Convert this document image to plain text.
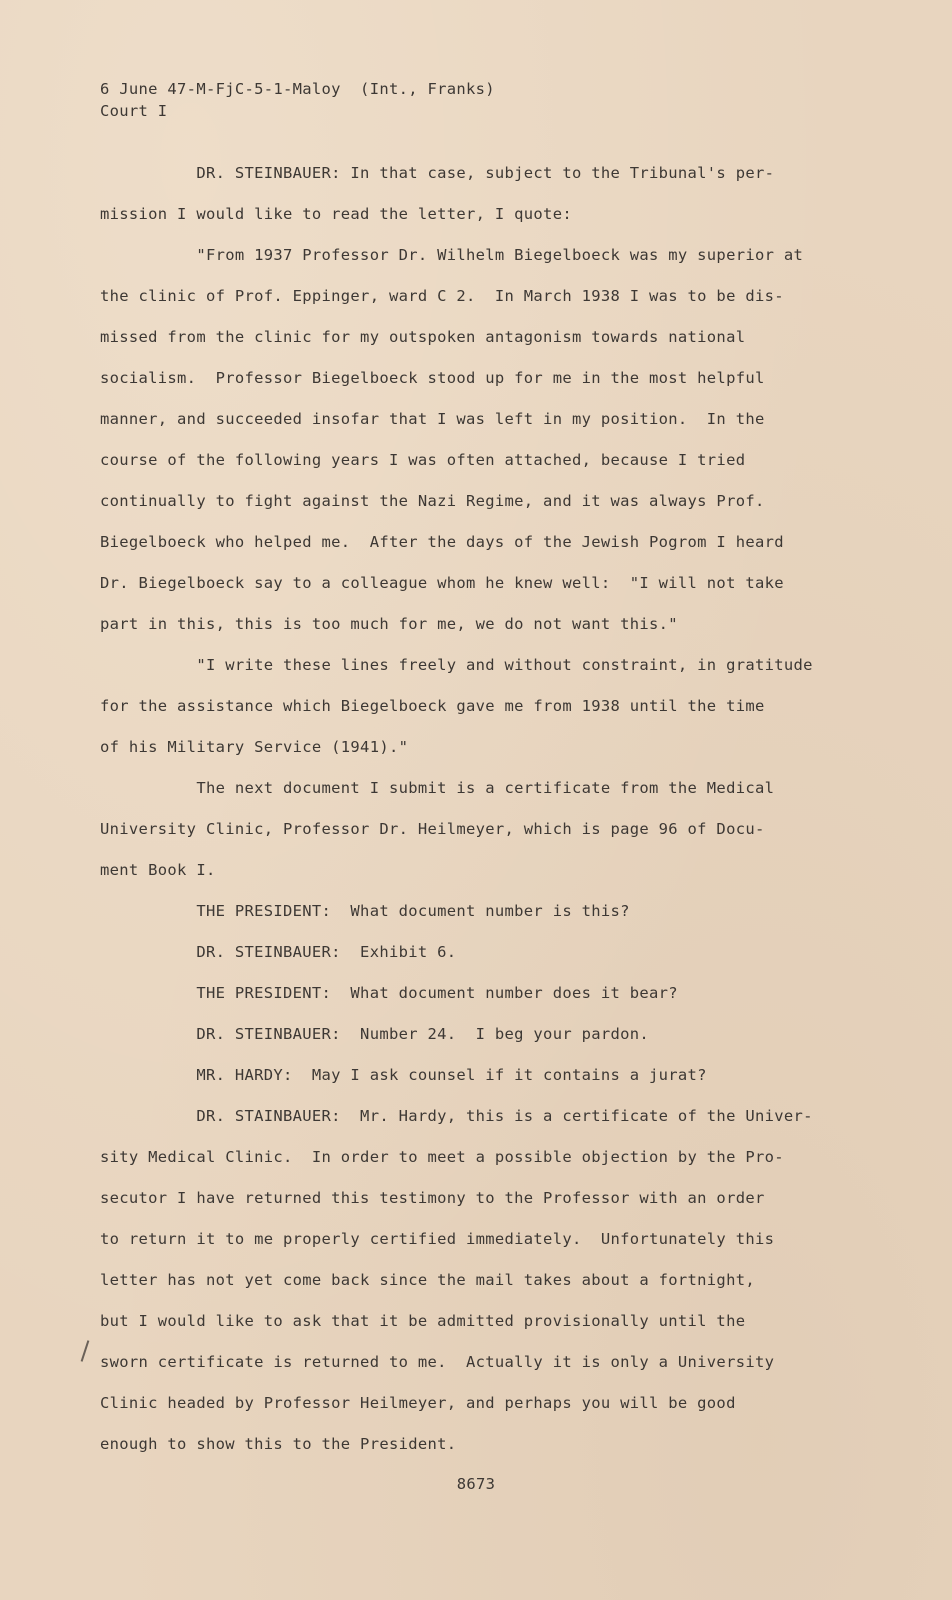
6 June 47-M-FjC-5-1-Maloy  (Int., Franks)
Court I
DR. STEINBAUER: In that case, subject to the Tribunal's per-
mission I would like to read the letter, I quote:
"From 1937 Professor Dr. Wilhelm Biegelboeck was my superior at
the clinic of Prof. Eppinger, ward C 2.  In March 1938 I was to be dis-
missed from the clinic for my outspoken antagonism towards national
socialism.  Professor Biegelboeck stood up for me in the most helpful
manner, and succeeded insofar that I was left in my position.  In the
course of the following years I was often attached, because I tried
continually to fight against the Nazi Regime, and it was always Prof.
Biegelboeck who helped me.  After the days of the Jewish Pogrom I heard
Dr. Biegelboeck say to a colleague whom he knew well:  "I will not take
part in this, this is too much for me, we do not want this."
"I write these lines freely and without constraint, in gratitude
for the assistance which Biegelboeck gave me from 1938 until the time
of his Military Service (1941)."
The next document I submit is a certificate from the Medical
University Clinic, Professor Dr. Heilmeyer, which is page 96 of Docu-
ment Book I.
THE PRESIDENT:  What document number is this?
DR. STEINBAUER:  Exhibit 6.
THE PRESIDENT:  What document number does it bear?
DR. STEINBAUER:  Number 24.  I beg your pardon.
MR. HARDY:  May I ask counsel if it contains a jurat?
DR. STAINBAUER:  Mr. Hardy, this is a certificate of the Univer-
sity Medical Clinic.  In order to meet a possible objection by the Pro-
secutor I have returned this testimony to the Professor with an order
to return it to me properly certified immediately.  Unfortunately this
letter has not yet come back since the mail takes about a fortnight,
but I would like to ask that it be admitted provisionally until the
sworn certificate is returned to me.  Actually it is only a University
Clinic headed by Professor Heilmeyer, and perhaps you will be good
enough to show this to the President.
8673
